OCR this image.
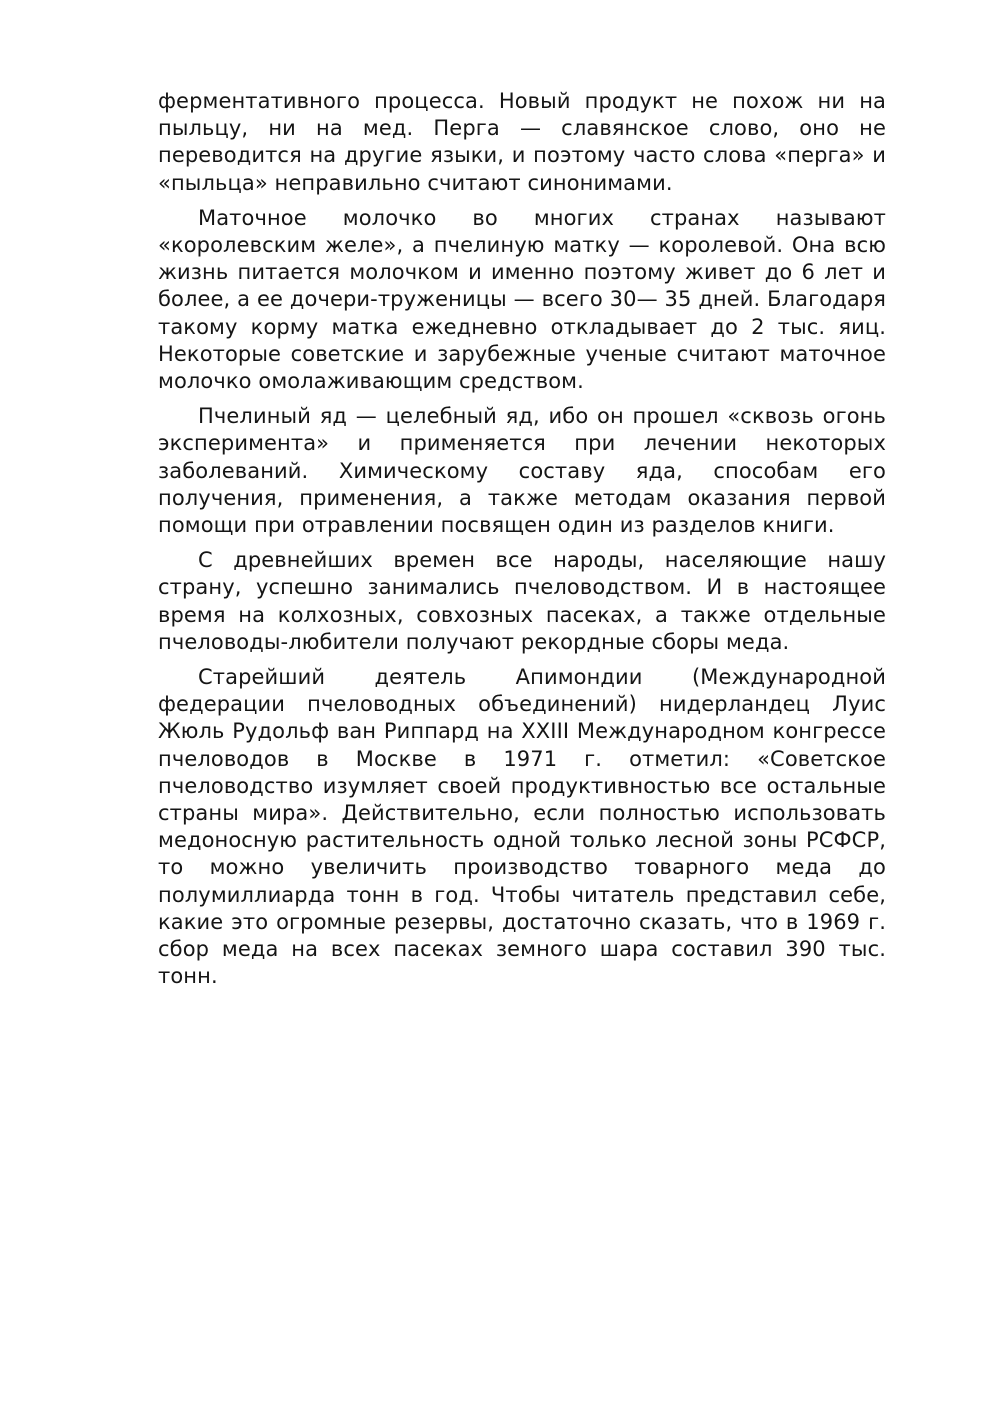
ферментативного процесса. Новый продукт не похож ни на пыльцу, ни на мед. Перга — славянское слово, оно не переводится на другие языки, и поэтому часто слова «перга» и «пыльца» неправильно считают синонимами.

Маточное молочко во многих странах называют «королевским желе», а пчелиную матку — королевой. Она всю жизнь питается молочком и именно поэтому живет до 6 лет и более, а ее дочери-труженицы — всего 30— 35 дней. Благодаря такому корму матка ежедневно откладывает до 2 тыс. яиц. Некоторые советские и зарубежные ученые считают маточное молочко омолаживающим средством.

Пчелиный яд — целебный яд, ибо он прошел «сквозь огонь эксперимента» и применяется при лечении некоторых заболеваний. Химическому составу яда, способам его получения, применения, а также методам оказания первой помощи при отравлении посвящен один из разделов книги.

С древнейших времен все народы, населяющие нашу страну, успешно занимались пчеловодством. И в настоящее время на колхозных, совхозных пасеках, а также отдельные пчеловоды-любители получают рекордные сборы меда.

Старейший деятель Апимондии (Международной федерации пчеловодных объединений) нидерландец Луис Жюль Рудольф ван Риппард на XXIII Международном конгрессе пчеловодов в Москве в 1971 г. отметил: «Советское пчеловодство изумляет своей продуктивностью все остальные страны мира». Действительно, если полностью использовать медоносную растительность одной только лесной зоны РСФСР, то можно увеличить производство товарного меда до полумиллиарда тонн в год. Чтобы читатель представил себе, какие это огромные резервы, достаточно сказать, что в 1969 г. сбор меда на всех пасеках земного шара составил 390 тыс. тонн.
